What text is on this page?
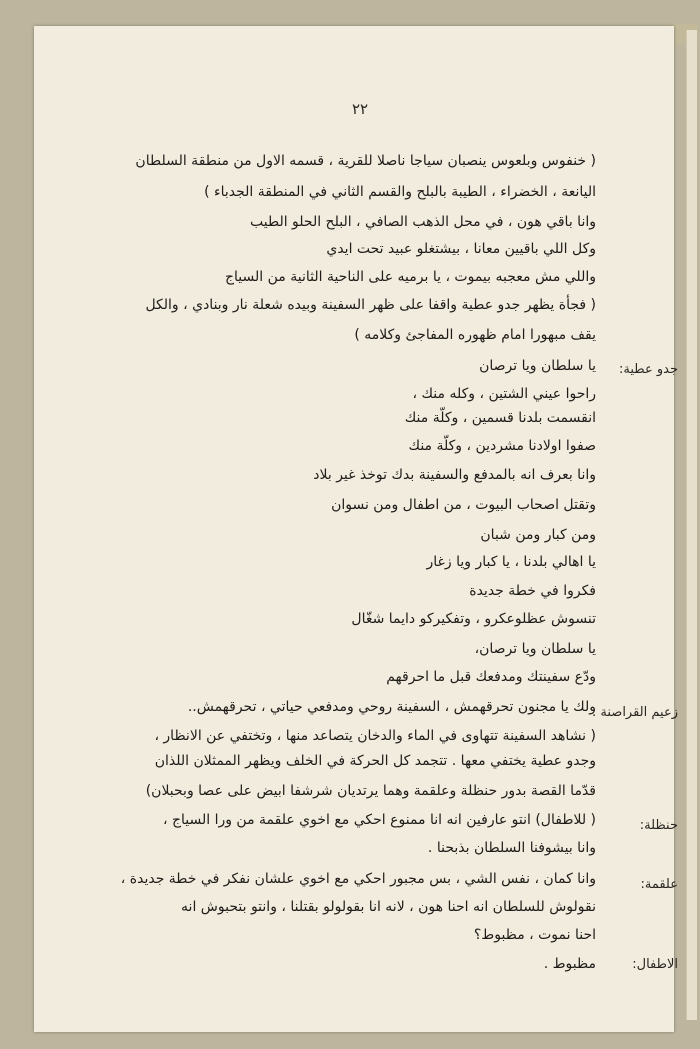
٢٢
( خنفوس وبلعوس ينصبان سياجا ناصلا للقرية ، قسمه الاول من منطقة السلطان
اليانعة ، الخضراء ، الطيبة بالبلح والقسم الثاني في المنطقة الجدباء )
وانا باقي هون ، في محل الذهب الصافي ، البلح الحلو الطيب
وكل اللي باقيين معانا ، بيشتغلو عبيد تحت ايدي
واللي مش معجبه بيموت ، يا برميه على الناحية الثانية من السياج
( فجأة يظهر جدو عطية واقفا على ظهر السفينة وبيده شعلة نار وبنادي ، والكل
يقف مبهورا امام ظهوره المفاجئ وكلامه )
يا سلطان ويا ترصان
راحوا عيني الشتين ، وكله منك ،
انقسمت بلدنا قسمين ، وكلّة منك
صفوا اولادنا مشردين ، وكلّة منك
وانا بعرف انه بالمدفع والسفينة بدك توخذ غير بلاد
وتقتل اصحاب البيوت ، من اطفال ومن نسوان
ومن كبار ومن شبان
يا اهالي بلدنا ، يا كبار ويا زغار
فكروا في خطة جديدة
تنسوش عظلوعكرو ، وتفكيركو دايما شغّال
يا سلطان ويا ترصان،
ودّع سفينتك ومدفعك قبل ما احرقهم
ولك يا مجنون تحرقهمش ، السفينة روحي ومدفعي حياتي ، تحرقهمش..
( نشاهد السفينة تتهاوى في الماء والدخان يتصاعد منها ، وتختفي عن الانظار ،
وجدو عطية يختفي معها . تتجمد كل الحركة في الخلف ويظهر الممثلان اللذان
قدّما القصة بدور حنظلة وعلقمة وهما يرتديان شرشفا ابيض على عصا وبحبلان)
( للاطفال) انتو عارفين انه انا ممنوع احكي مع اخوي علقمة من ورا السياج ،
وانا بيشوفنا السلطان بذبحنا .
وانا كمان ، نفس الشي ، بس مجبور احكي مع اخوي علشان نفكر في خطة جديدة ،
نقولوش للسلطان انه احنا هون ، لانه انا بقولولو بقتلنا ، وانتو بتحبوش انه
احنا نموت ، مظبوط؟
مظبوط .
جدو عطية:
زعيم القراصنة :
حنظلة:
علقمة:
الاطفال:
